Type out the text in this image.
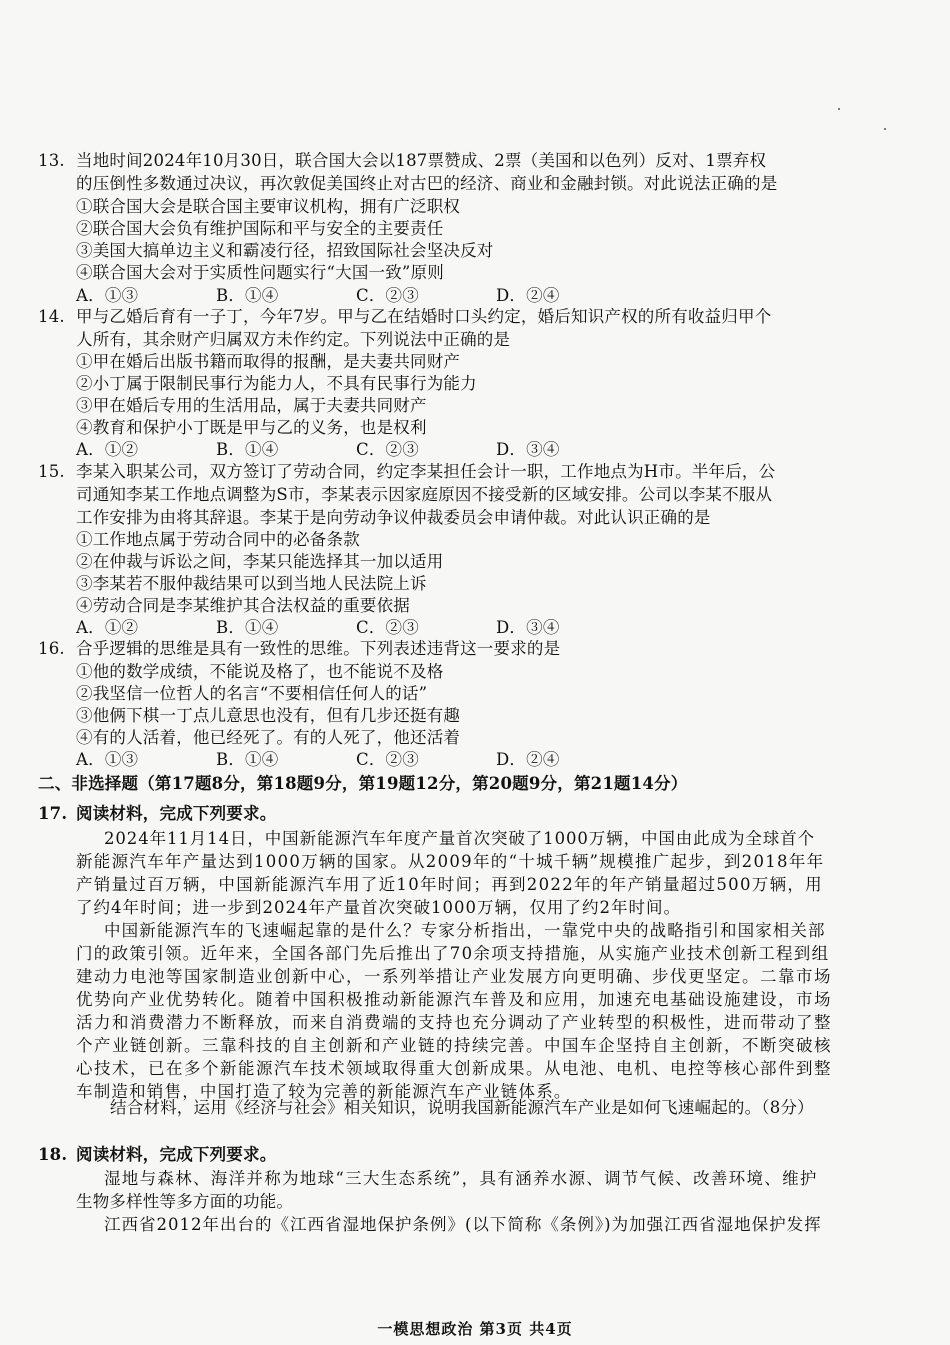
13. 当地时间2024年10月30日，联合国大会以187票赞成、2票（美国和以色列）反对、1票弃权
的压倒性多数通过决议，再次敦促美国终止对古巴的经济、商业和金融封锁。对此说法正确的是
①联合国大会是联合国主要审议机构，拥有广泛职权
②联合国大会负有维护国际和平与安全的主要责任
③美国大搞单边主义和霸凌行径，招致国际社会坚决反对
④联合国大会对于实质性问题实行“大国一致”原则
A．①③	B．①④	C．②③	D．②④
14. 甲与乙婚后育有一子丁，今年7岁。甲与乙在结婚时口头约定，婚后知识产权的所有收益归甲个
人所有，其余财产归属双方未作约定。下列说法中正确的是
①甲在婚后出版书籍而取得的报酬，是夫妻共同财产
②小丁属于限制民事行为能力人，不具有民事行为能力
③甲在婚后专用的生活用品，属于夫妻共同财产
④教育和保护小丁既是甲与乙的义务，也是权利
A．①②	B．①④	C．②③	D．③④
15. 李某入职某公司，双方签订了劳动合同，约定李某担任会计一职，工作地点为H市。半年后，公
司通知李某工作地点调整为S市，李某表示因家庭原因不接受新的区域安排。公司以李某不服从
工作安排为由将其辞退。李某于是向劳动争议仲裁委员会申请仲裁。对此认识正确的是
①工作地点属于劳动合同中的必备条款
②在仲裁与诉讼之间，李某只能选择其一加以适用
③李某若不服仲裁结果可以到当地人民法院上诉
④劳动合同是李某维护其合法权益的重要依据
A．①②	B．①④	C．②③	D．③④
16. 合乎逻辑的思维是具有一致性的思维。下列表述违背这一要求的是
①他的数学成绩，不能说及格了，也不能说不及格
②我坚信一位哲人的名言“不要相信任何人的话”
③他俩下棋一丁点儿意思也没有，但有几步还挺有趣
④有的人活着，他已经死了。有的人死了，他还活着
A．①③	B．①④	C．②③	D．②④
二、非选择题（第17题8分，第18题9分，第19题12分，第20题9分，第21题14分）
17. 阅读材料，完成下列要求。
2024年11月14日，中国新能源汽车年度产量首次突破了1000万辆，中国由此成为全球首个
新能源汽车年产量达到1000万辆的国家。从2009年的“十城千辆”规模推广起步，到2018年年
产销量过百万辆，中国新能源汽车用了近10年时间；再到2022年的年产销量超过500万辆，用
了约4年时间；进一步到2024年产量首次突破1000万辆，仅用了约2年时间。
中国新能源汽车的飞速崛起靠的是什么？专家分析指出，一靠党中央的战略指引和国家相关部
门的政策引领。近年来，全国各部门先后推出了70余项支持措施，从实施产业技术创新工程到组
建动力电池等国家制造业创新中心，一系列举措让产业发展方向更明确、步伐更坚定。二靠市场
优势向产业优势转化。随着中国积极推动新能源汽车普及和应用，加速充电基础设施建设，市场
活力和消费潜力不断释放，而来自消费端的支持也充分调动了产业转型的积极性，进而带动了整
个产业链创新。三靠科技的自主创新和产业链的持续完善。中国车企坚持自主创新，不断突破核
心技术，已在多个新能源汽车技术领域取得重大创新成果。从电池、电机、电控等核心部件到整
车制造和销售，中国打造了较为完善的新能源汽车产业链体系。
结合材料，运用《经济与社会》相关知识，说明我国新能源汽车产业是如何飞速崛起的。（8分）
18. 阅读材料，完成下列要求。
湿地与森林、海洋并称为地球“三大生态系统”，具有涵养水源、调节气候、改善环境、维护
生物多样性等多方面的功能。
江西省2012年出台的《江西省湿地保护条例》(以下简称《条例》)为加强江西省湿地保护发挥
一模思想政治 第3页 共4页
